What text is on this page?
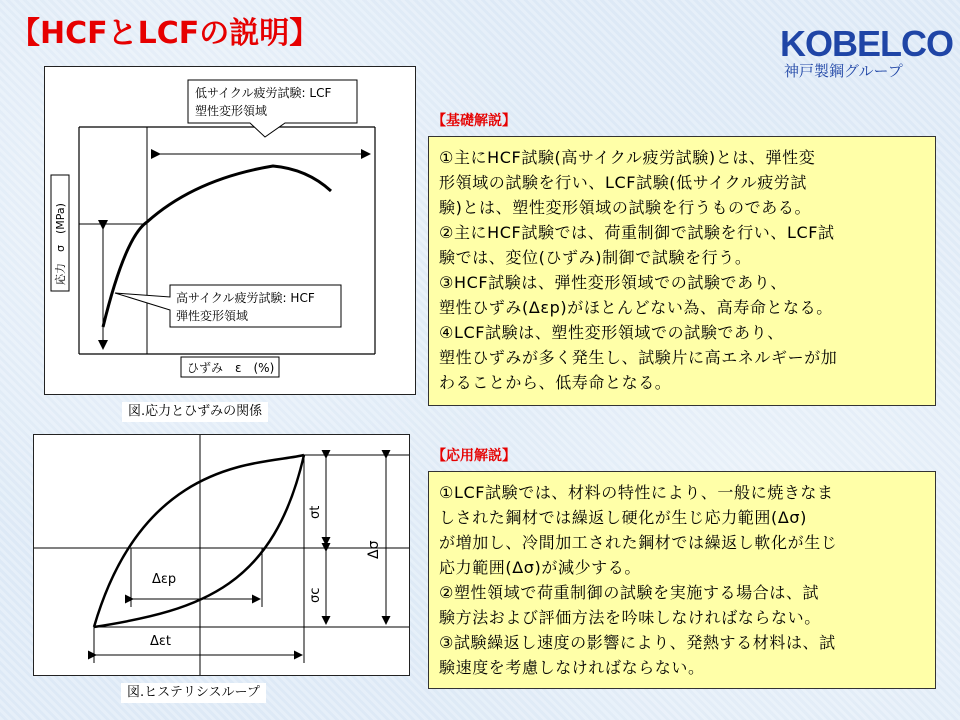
【HCFとLCFの説明】	KOBELCO
神戸製鋼グループ
低サイクル疲労試験: LCF
塑性変形領域
高サイクル疲労試験: HCF
弾性変形領域
応力　σ　(MPa)
ひずみ　ε　(%)
図.応力とひずみの関係
Δεp
Δεt
σt
σc
Δσ
図.ヒステリシスループ
【基礎解説】

①主にHCF試験(高サイクル疲労試験)とは、弾性変

形領域の試験を行い、LCF試験(低サイクル疲労試

験)とは、塑性変形領域の試験を行うものである。

②主にHCF試験では、荷重制御で試験を行い、LCF試

験では、変位(ひずみ)制御で試験を行う。

③HCF試験は、弾性変形領域での試験であり、

塑性ひずみ(Δεp)がほとんどない為、高寿命となる。

④LCF試験は、塑性変形領域での試験であり、

塑性ひずみが多く発生し、試験片に高エネルギーが加

わることから、低寿命となる。

【応用解説】

①LCF試験では、材料の特性により、一般に焼きなま

しされた鋼材では繰返し硬化が生じ応力範囲(Δσ)

が増加し、冷間加工された鋼材では繰返し軟化が生じ

応力範囲(Δσ)が減少する。

②塑性領域で荷重制御の試験を実施する場合は、試

験方法および評価方法を吟味しなければならない。

③試験繰返し速度の影響により、発熱する材料は、試

験速度を考慮しなければならない。
